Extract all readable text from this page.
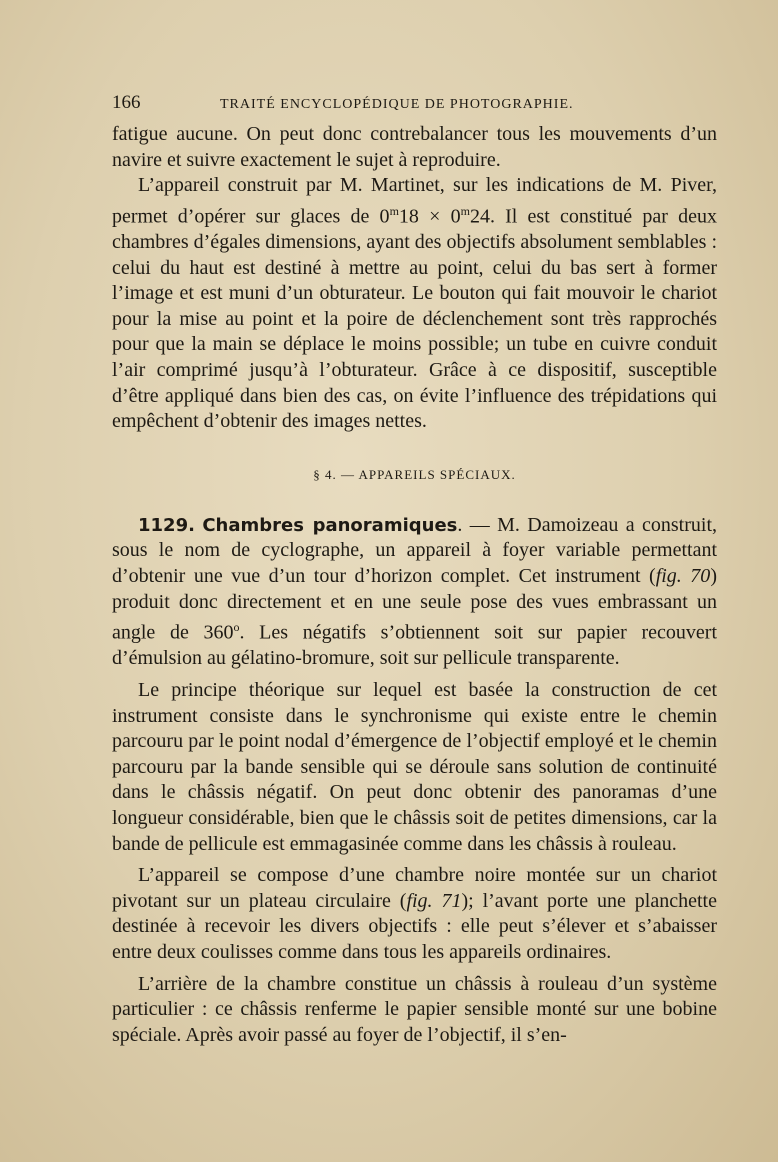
166	TRAITÉ ENCYCLOPÉDIQUE DE PHOTOGRAPHIE.

fatigue aucune. On peut donc contrebalancer tous les mouvements d’un navire et suivre exactement le sujet à reproduire.

L’appareil construit par M. Martinet, sur les indications de M. Piver, permet d’opérer sur glaces de $0^m18 \times 0^m24$. Il est constitué par deux chambres d’égales dimensions, ayant des objectifs absolument semblables : celui du haut est destiné à mettre au point, celui du bas sert à former l’image et est muni d’un obturateur. Le bouton qui fait mouvoir le chariot pour la mise au point et la poire de déclenchement sont très rapprochés pour que la main se déplace le moins possible; un tube en cuivre conduit l’air comprimé jusqu’à l’obturateur. Grâce à ce dispositif, susceptible d’être appliqué dans bien des cas, on évite l’influence des trépidations qui empêchent d’obtenir des images nettes.

§ 4. — APPAREILS SPÉCIAUX.

1129. Chambres panoramiques. — M. Damoizeau a construit, sous le nom de cyclographe, un appareil à foyer variable permettant d’obtenir une vue d’un tour d’horizon complet. Cet instrument (fig. 70) produit donc directement et en une seule pose des vues embrassant un angle de 360$^o$. Les négatifs s’obtiennent soit sur papier recouvert d’émulsion au gélatino-bromure, soit sur pellicule transparente.

Le principe théorique sur lequel est basée la construction de cet instrument consiste dans le synchronisme qui existe entre le chemin parcouru par le point nodal d’émergence de l’objectif employé et le chemin parcouru par la bande sensible qui se déroule sans solution de continuité dans le châssis négatif. On peut donc obtenir des panoramas d’une longueur considérable, bien que le châssis soit de petites dimensions, car la bande de pellicule est emmagasinée comme dans les châssis à rouleau.

L’appareil se compose d’une chambre noire montée sur un chariot pivotant sur un plateau circulaire (fig. 71); l’avant porte une planchette destinée à recevoir les divers objectifs : elle peut s’élever et s’abaisser entre deux coulisses comme dans tous les appareils ordinaires.

L’arrière de la chambre constitue un châssis à rouleau d’un système particulier : ce châssis renferme le papier sensible monté sur une bobine spéciale. Après avoir passé au foyer de l’objectif, il s’en-
